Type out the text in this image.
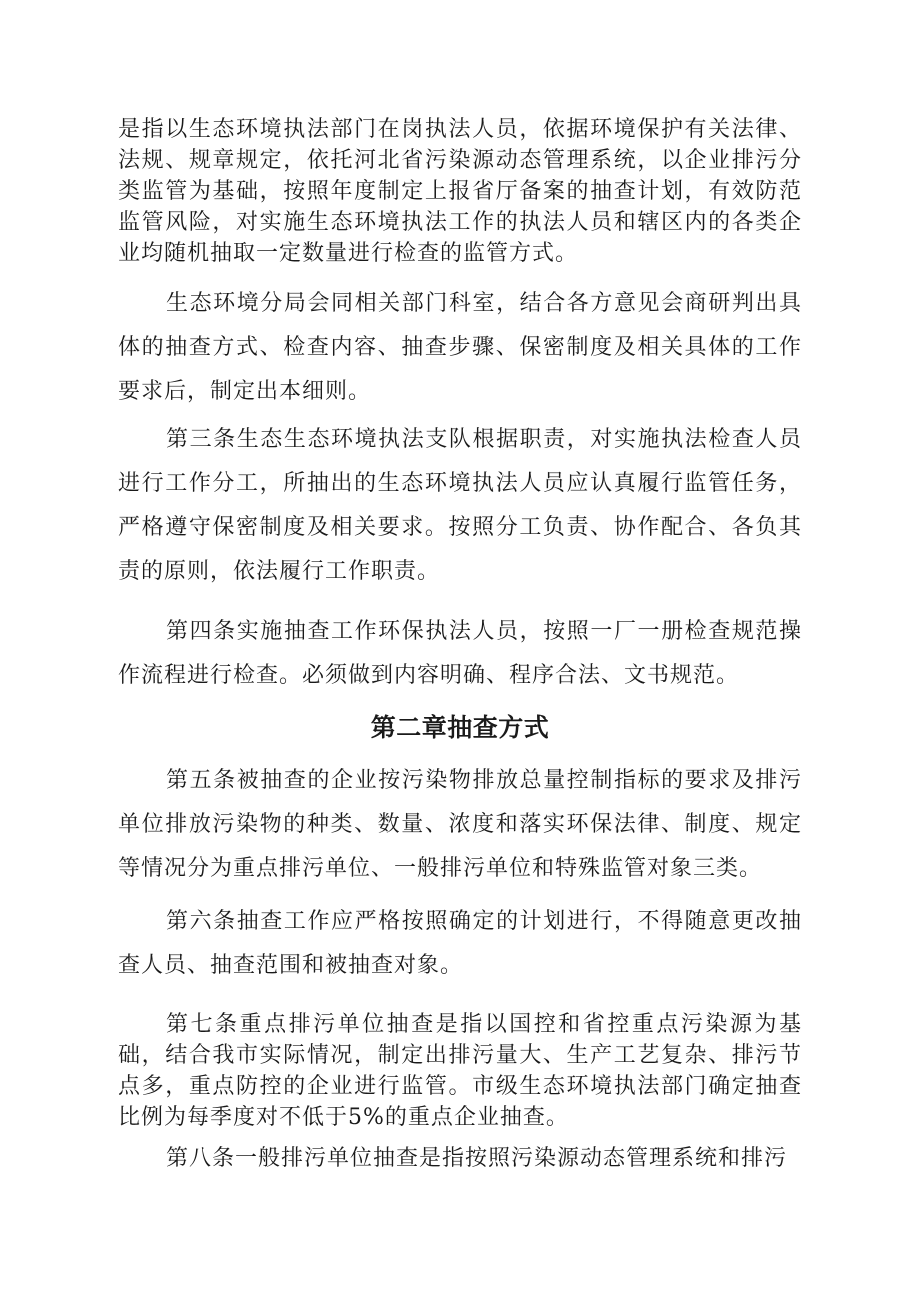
是指以生态环境执法部门在岗执法人员，依据环境保护有关法律、法规、规章规定，依托河北省污染源动态管理系统，以企业排污分类监管为基础，按照年度制定上报省厅备案的抽查计划，有效防范监管风险，对实施生态环境执法工作的执法人员和辖区内的各类企业均随机抽取一定数量进行检查的监管方式。

生态环境分局会同相关部门科室，结合各方意见会商研判出具体的抽查方式、检查内容、抽查步骤、保密制度及相关具体的工作要求后，制定出本细则。

第三条生态生态环境执法支队根据职责，对实施执法检查人员进行工作分工，所抽出的生态环境执法人员应认真履行监管任务，严格遵守保密制度及相关要求。按照分工负责、协作配合、各负其责的原则，依法履行工作职责。

第四条实施抽查工作环保执法人员，按照一厂一册检查规范操作流程进行检查。必须做到内容明确、程序合法、文书规范。

第二章抽查方式

第五条被抽查的企业按污染物排放总量控制指标的要求及排污单位排放污染物的种类、数量、浓度和落实环保法律、制度、规定等情况分为重点排污单位、一般排污单位和特殊监管对象三类。

第六条抽查工作应严格按照确定的计划进行，不得随意更改抽查人员、抽查范围和被抽查对象。

第七条重点排污单位抽查是指以国控和省控重点污染源为基础，结合我市实际情况，制定出排污量大、生产工艺复杂、排污节点多，重点防控的企业进行监管。市级生态环境执法部门确定抽查比例为每季度对不低于5%的重点企业抽查。

第八条一般排污单位抽查是指按照污染源动态管理系统和排污
